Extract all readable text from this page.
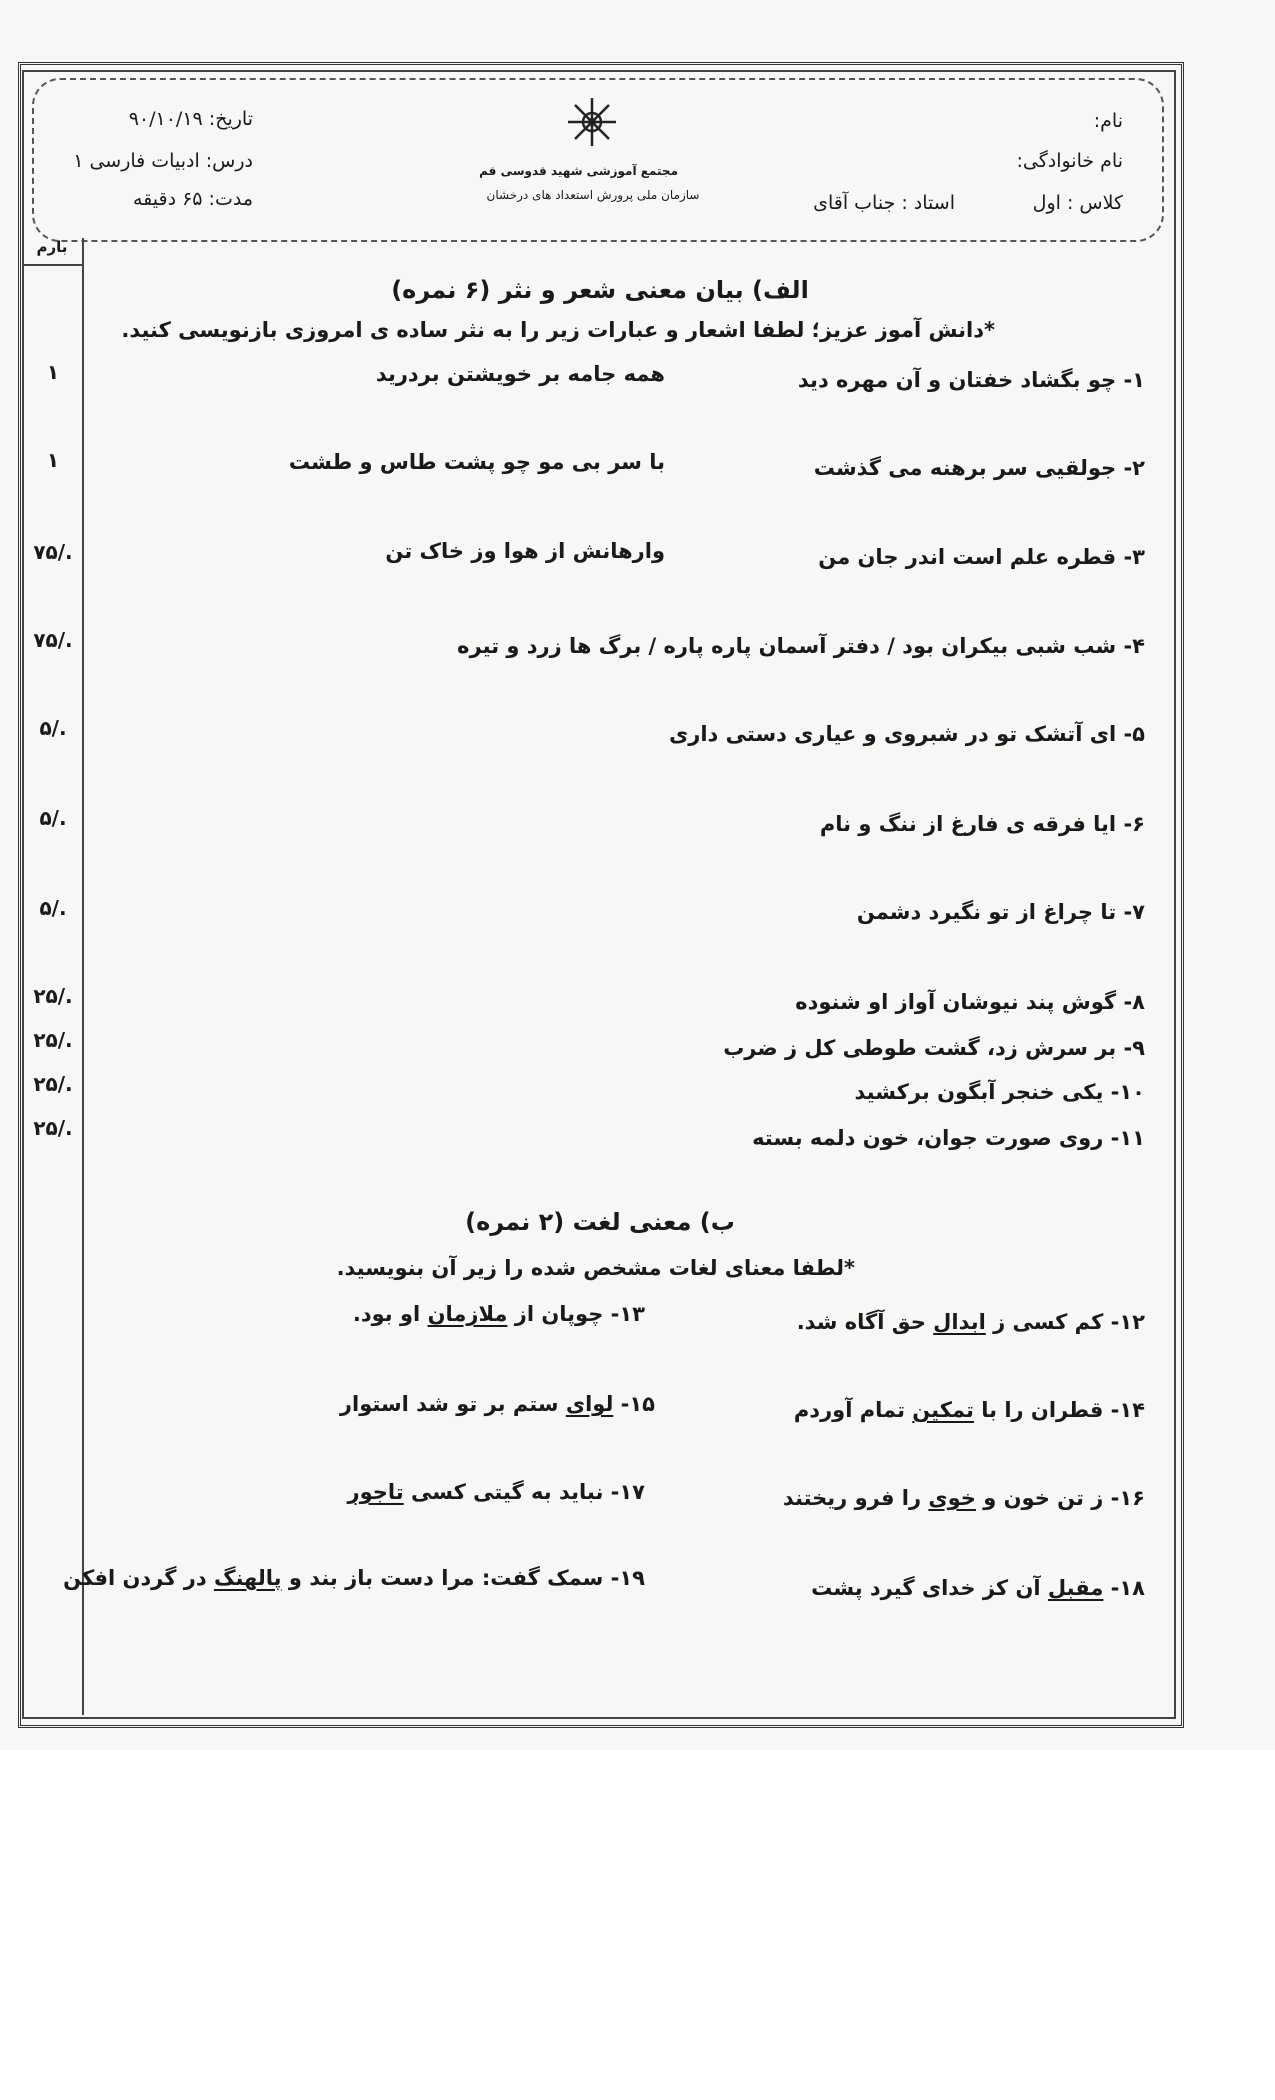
نام:
نام خانوادگی:
کلاس : اول
استاد : جناب آقای
مجتمع آموزشی شهید قدوسی قم
سازمان ملی پرورش استعداد های درخشان
تاریخ: ۹۰/۱۰/۱۹
درس: ادبیات فارسی ۱
مدت: ۶۵ دقیقه
بارم
الف) بیان معنی شعر و نثر (۶ نمره)
*دانش آموز عزیز؛ لطفا اشعار و عبارات زیر را به نثر ساده ی امروزی بازنویسی کنید.
۱- چو بگشاد خفتان و آن مهره دید
همه جامه بر خویشتن بردرید
۱
۲- جولقیی سر برهنه می گذشت
با سر بی مو چو پشت طاس و طشت
۱
۳- قطره علم است اندر جان من
وارهانش از هوا وز خاک تن
۷۵/.
۴- شب شبی بیکران بود / دفتر آسمان پاره پاره / برگ ها زرد و تیره
۷۵/.
۵- ای آتشک تو در شبروی و عیاری دستی داری
۵/.
۶- ایا فرقه ی فارغ از ننگ و نام
۵/.
۷- تا چراغ از تو نگیرد دشمن
۵/.
۸- گوش پند نیوشان آواز او شنوده
۲۵/.
۹- بر سرش زد، گشت طوطی کل ز ضرب
۲۵/.
۱۰- یکی خنجر آبگون برکشید
۲۵/.
۱۱- روی صورت جوان، خون دلمه بسته
۲۵/.
ب) معنی لغت (۲ نمره)
*لطفا معنای لغات مشخص شده را زیر آن بنویسید.
۱۲- کم کسی ز ابدال حق آگاه شد.
۱۳- چوپان از ملازمان او بود.
۱۴- قطران را با تمکین تمام آوردم
۱۵- لوای ستم بر تو شد استوار
۱۶- ز تن خون و خوی را فرو ریختند
۱۷- نباید به گیتی کسی تاجور
۱۸- مقبل آن کز خدای گیرد پشت
۱۹- سمک گفت: مرا دست باز بند و پالهنگ در گردن افکن
